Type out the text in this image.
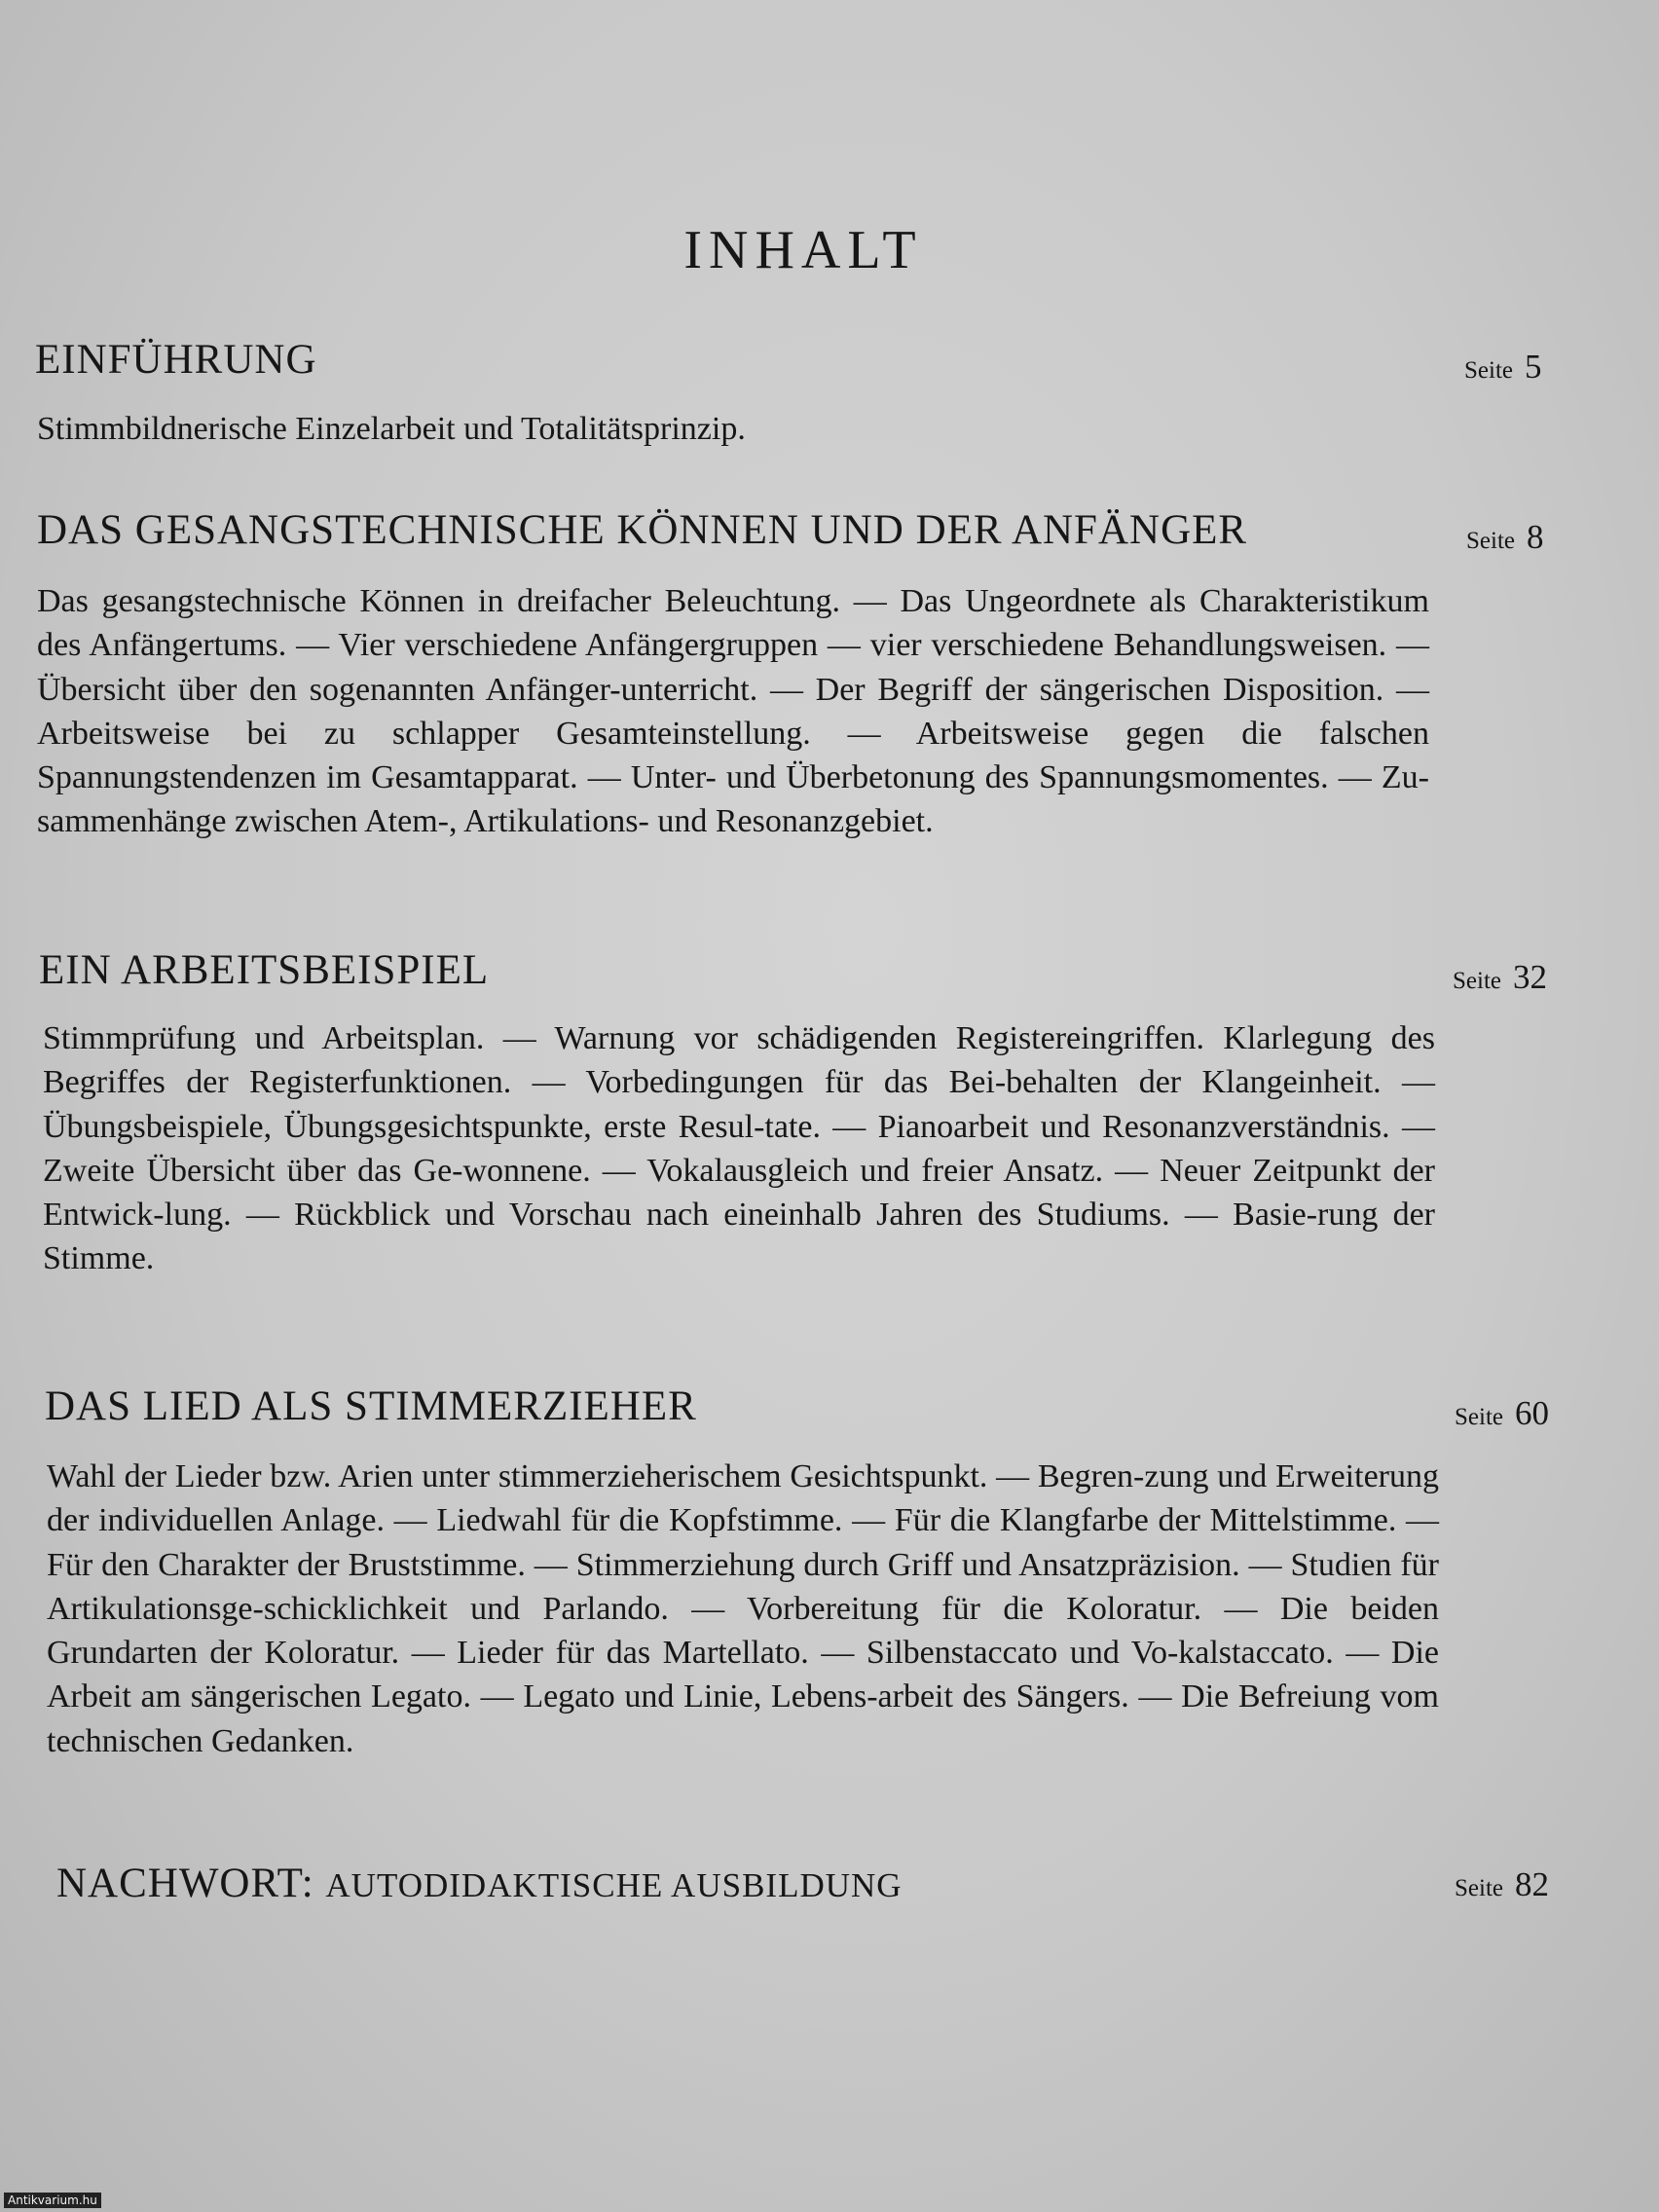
INHALT
EINFÜHRUNG	Seite 5
Stimmbildnerische Einzelarbeit und Totalitätsprinzip.
DAS GESANGSTECHNISCHE KÖNNEN UND DER ANFÄNGER	Seite 8
Das gesangstechnische Können in dreifacher Beleuchtung. — Das Ungeordnete als Charakteristikum des Anfängertums. — Vier verschiedene Anfängergruppen — vier verschiedene Behandlungsweisen. — Übersicht über den sogenannten Anfänger-unterricht. — Der Begriff der sängerischen Disposition. — Arbeitsweise bei zu schlapper Gesamteinstellung. — Arbeitsweise gegen die falschen Spannungstendenzen im Gesamtapparat. — Unter- und Überbetonung des Spannungsmomentes. — Zu-sammenhänge zwischen Atem-, Artikulations- und Resonanzgebiet.
EIN ARBEITSBEISPIEL	Seite 32
Stimmprüfung und Arbeitsplan. — Warnung vor schädigenden Registereingriffen. Klarlegung des Begriffes der Registerfunktionen. — Vorbedingungen für das Bei-behalten der Klangeinheit. — Übungsbeispiele, Übungsgesichtspunkte, erste Resul-tate. — Pianoarbeit und Resonanzverständnis. — Zweite Übersicht über das Ge-wonnene. — Vokalausgleich und freier Ansatz. — Neuer Zeitpunkt der Entwick-lung. — Rückblick und Vorschau nach eineinhalb Jahren des Studiums. — Basie-rung der Stimme.
DAS LIED ALS STIMMERZIEHER	Seite 60
Wahl der Lieder bzw. Arien unter stimmerzieherischem Gesichtspunkt. — Begren-zung und Erweiterung der individuellen Anlage. — Liedwahl für die Kopfstimme. — Für die Klangfarbe der Mittelstimme. — Für den Charakter der Bruststimme. — Stimmerziehung durch Griff und Ansatzpräzision. — Studien für Artikulationsge-schicklichkeit und Parlando. — Vorbereitung für die Koloratur. — Die beiden Grundarten der Koloratur. — Lieder für das Martellato. — Silbenstaccato und Vo-kalstaccato. — Die Arbeit am sängerischen Legato. — Legato und Linie, Lebens-arbeit des Sängers. — Die Befreiung vom technischen Gedanken.
NACHWORT: AUTODIDAKTISCHE AUSBILDUNG	Seite 82
Antikvarium.hu
